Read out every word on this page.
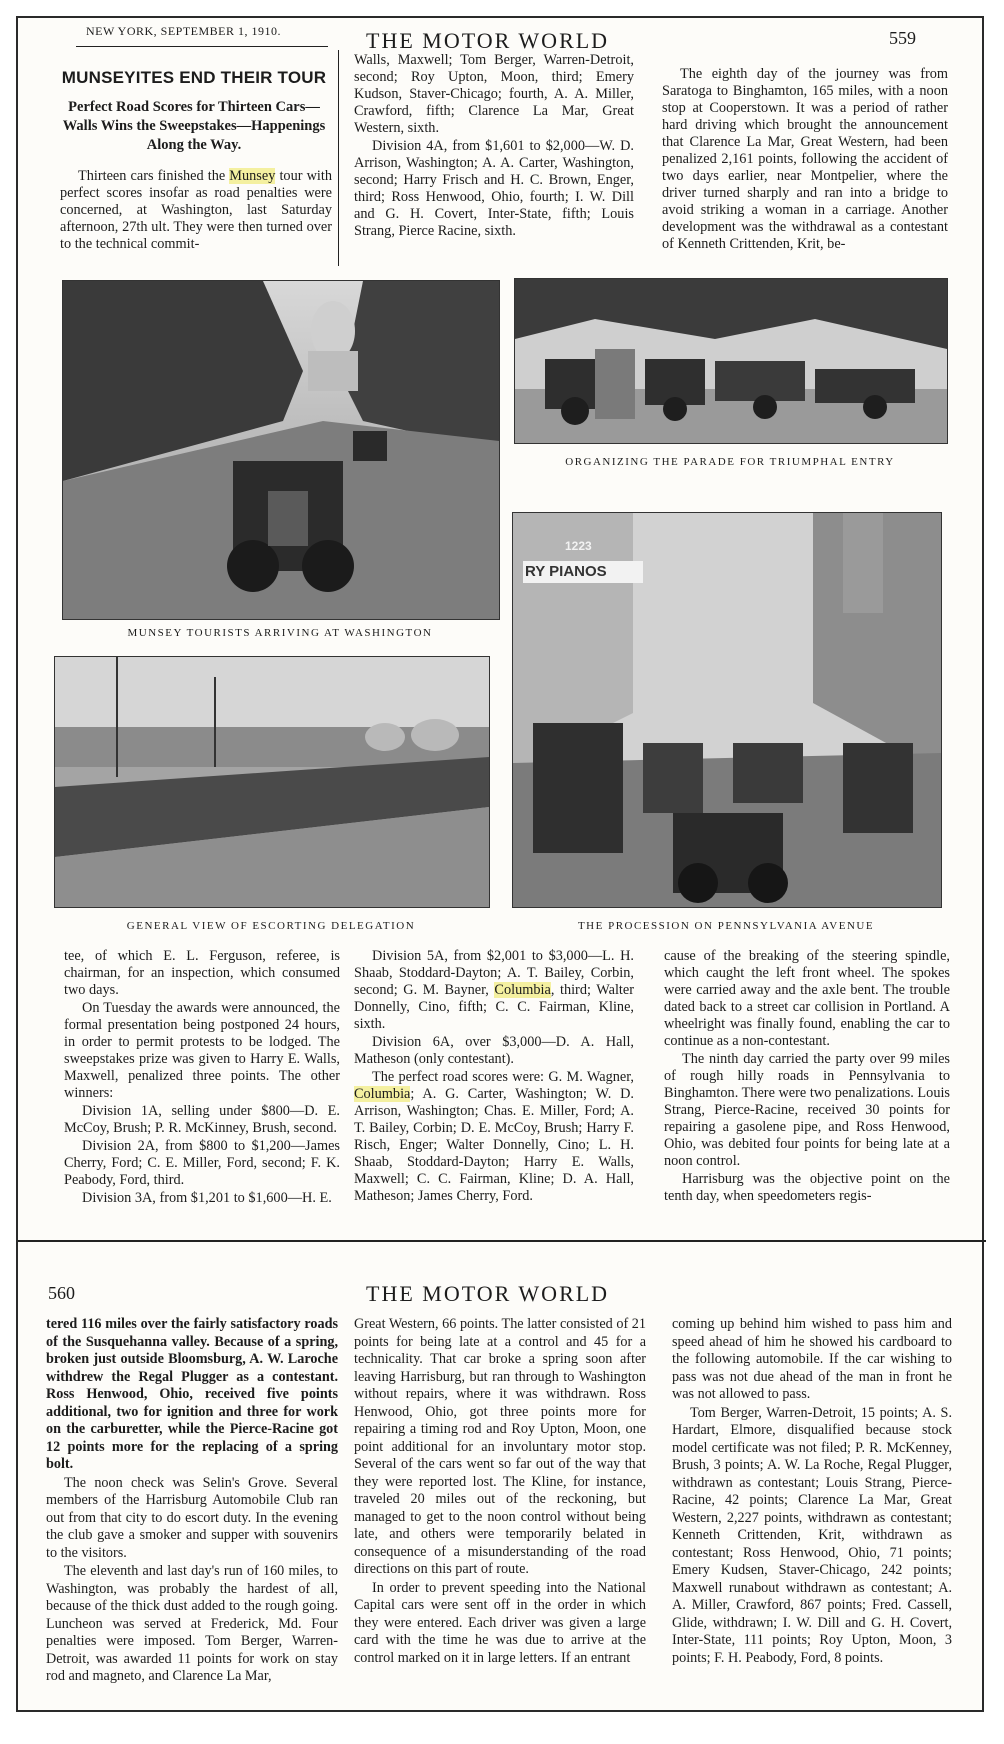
NEW YORK, SEPTEMBER 1, 1910.	THE MOTOR WORLD	559
MUNSEYITES END THEIR TOUR
Perfect Road Scores for Thirteen Cars—Walls Wins the Sweepstakes—Happenings Along the Way.

Thirteen cars finished the Munsey tour with perfect scores insofar as road penalties were concerned, at Washington, last Saturday afternoon, 27th ult. They were then turned over to the technical commit-

Walls, Maxwell; Tom Berger, Warren-Detroit, second; Roy Upton, Moon, third; Emery Kudson, Staver-Chicago; fourth, A. A. Miller, Crawford, fifth; Clarence La Mar, Great Western, sixth.

Division 4A, from $1,601 to $2,000—W. D. Arrison, Washington; A. A. Carter, Washington, second; Harry Frisch and H. C. Brown, Enger, third; Ross Henwood, Ohio, fourth; I. W. Dill and G. H. Covert, Inter-State, fifth; Louis Strang, Pierce Racine, sixth.

The eighth day of the journey was from Saratoga to Binghamton, 165 miles, with a noon stop at Cooperstown. It was a period of rather hard driving which brought the announcement that Clarence La Mar, Great Western, had been penalized 2,161 points, following the accident of two days earlier, near Montpelier, where the driver turned sharply and ran into a bridge to avoid striking a woman in a carriage. Another development was the withdrawal as a contestant of Kenneth Crittenden, Krit, be-

MUNSEY TOURISTS ARRIVING AT WASHINGTON
ORGANIZING THE PARADE FOR TRIUMPHAL ENTRY
GENERAL VIEW OF ESCORTING DELEGATION
RY PIANOS
1223
THE PROCESSION ON PENNSYLVANIA AVENUE

tee, of which E. L. Ferguson, referee, is chairman, for an inspection, which consumed two days.

On Tuesday the awards were announced, the formal presentation being postponed 24 hours, in order to permit protests to be lodged. The sweepstakes prize was given to Harry E. Walls, Maxwell, penalized three points. The other winners:

Division 1A, selling under $800—D. E. McCoy, Brush; P. R. McKinney, Brush, second.

Division 2A, from $800 to $1,200—James Cherry, Ford; C. E. Miller, Ford, second; F. K. Peabody, Ford, third.

Division 3A, from $1,201 to $1,600—H. E.

Division 5A, from $2,001 to $3,000—L. H. Shaab, Stoddard-Dayton; A. T. Bailey, Corbin, second; G. M. Bayner, Columbia, third; Walter Donnelly, Cino, fifth; C. C. Fairman, Kline, sixth.

Division 6A, over $3,000—D. A. Hall, Matheson (only contestant).

The perfect road scores were: G. M. Wagner, Columbia; A. G. Carter, Washington; W. D. Arrison, Washington; Chas. E. Miller, Ford; A. T. Bailey, Corbin; D. E. McCoy, Brush; Harry F. Risch, Enger; Walter Donnelly, Cino; L. H. Shaab, Stoddard-Dayton; Harry E. Walls, Maxwell; C. C. Fairman, Kline; D. A. Hall, Matheson; James Cherry, Ford.

cause of the breaking of the steering spindle, which caught the left front wheel. The spokes were carried away and the axle bent. The trouble dated back to a street car collision in Portland. A wheelright was finally found, enabling the car to continue as a non-contestant.

The ninth day carried the party over 99 miles of rough hilly roads in Pennsylvania to Binghamton. There were two penalizations. Louis Strang, Pierce-Racine, received 30 points for repairing a gasolene pipe, and Ross Henwood, Ohio, was debited four points for being late at a noon control.

Harrisburg was the objective point on the tenth day, when speedometers regis-

560	THE MOTOR WORLD

tered 116 miles over the fairly satisfactory roads of the Susquehanna valley. Because of a spring, broken just outside Bloomsburg, A. W. Laroche withdrew the Regal Plugger as a contestant. Ross Henwood, Ohio, received five points additional, two for ignition and three for work on the carburetter, while the Pierce-Racine got 12 points more for the replacing of a spring bolt.

The noon check was Selin's Grove. Several members of the Harrisburg Automobile Club ran out from that city to do escort duty. In the evening the club gave a smoker and supper with souvenirs to the visitors.

The eleventh and last day's run of 160 miles, to Washington, was probably the hardest of all, because of the thick dust added to the rough going. Luncheon was served at Frederick, Md. Four penalties were imposed. Tom Berger, Warren-Detroit, was awarded 11 points for work on stay rod and magneto, and Clarence La Mar,

Great Western, 66 points. The latter consisted of 21 points for being late at a control and 45 for a technicality. That car broke a spring soon after leaving Harrisburg, but ran through to Washington without repairs, where it was withdrawn. Ross Henwood, Ohio, got three points more for repairing a timing rod and Roy Upton, Moon, one point additional for an involuntary motor stop. Several of the cars went so far out of the way that they were reported lost. The Kline, for instance, traveled 20 miles out of the reckoning, but managed to get to the noon control without being late, and others were temporarily belated in consequence of a misunderstanding of the road directions on this part of route.

In order to prevent speeding into the National Capital cars were sent off in the order in which they were entered. Each driver was given a large card with the time he was due to arrive at the control marked on it in large letters. If an entrant

coming up behind him wished to pass him and speed ahead of him he showed his cardboard to the following automobile. If the car wishing to pass was not due ahead of the man in front he was not allowed to pass.

Tom Berger, Warren-Detroit, 15 points; A. S. Hardart, Elmore, disqualified because stock model certificate was not filed; P. R. McKenney, Brush, 3 points; A. W. La Roche, Regal Plugger, withdrawn as contestant; Louis Strang, Pierce-Racine, 42 points; Clarence La Mar, Great Western, 2,227 points, withdrawn as contestant; Kenneth Crittenden, Krit, withdrawn as contestant; Ross Henwood, Ohio, 71 points; Emery Kudsen, Staver-Chicago, 242 points; Maxwell runabout withdrawn as contestant; A. A. Miller, Crawford, 867 points; Fred. Cassell, Glide, withdrawn; I. W. Dill and G. H. Covert, Inter-State, 111 points; Roy Upton, Moon, 3 points; F. H. Peabody, Ford, 8 points.
